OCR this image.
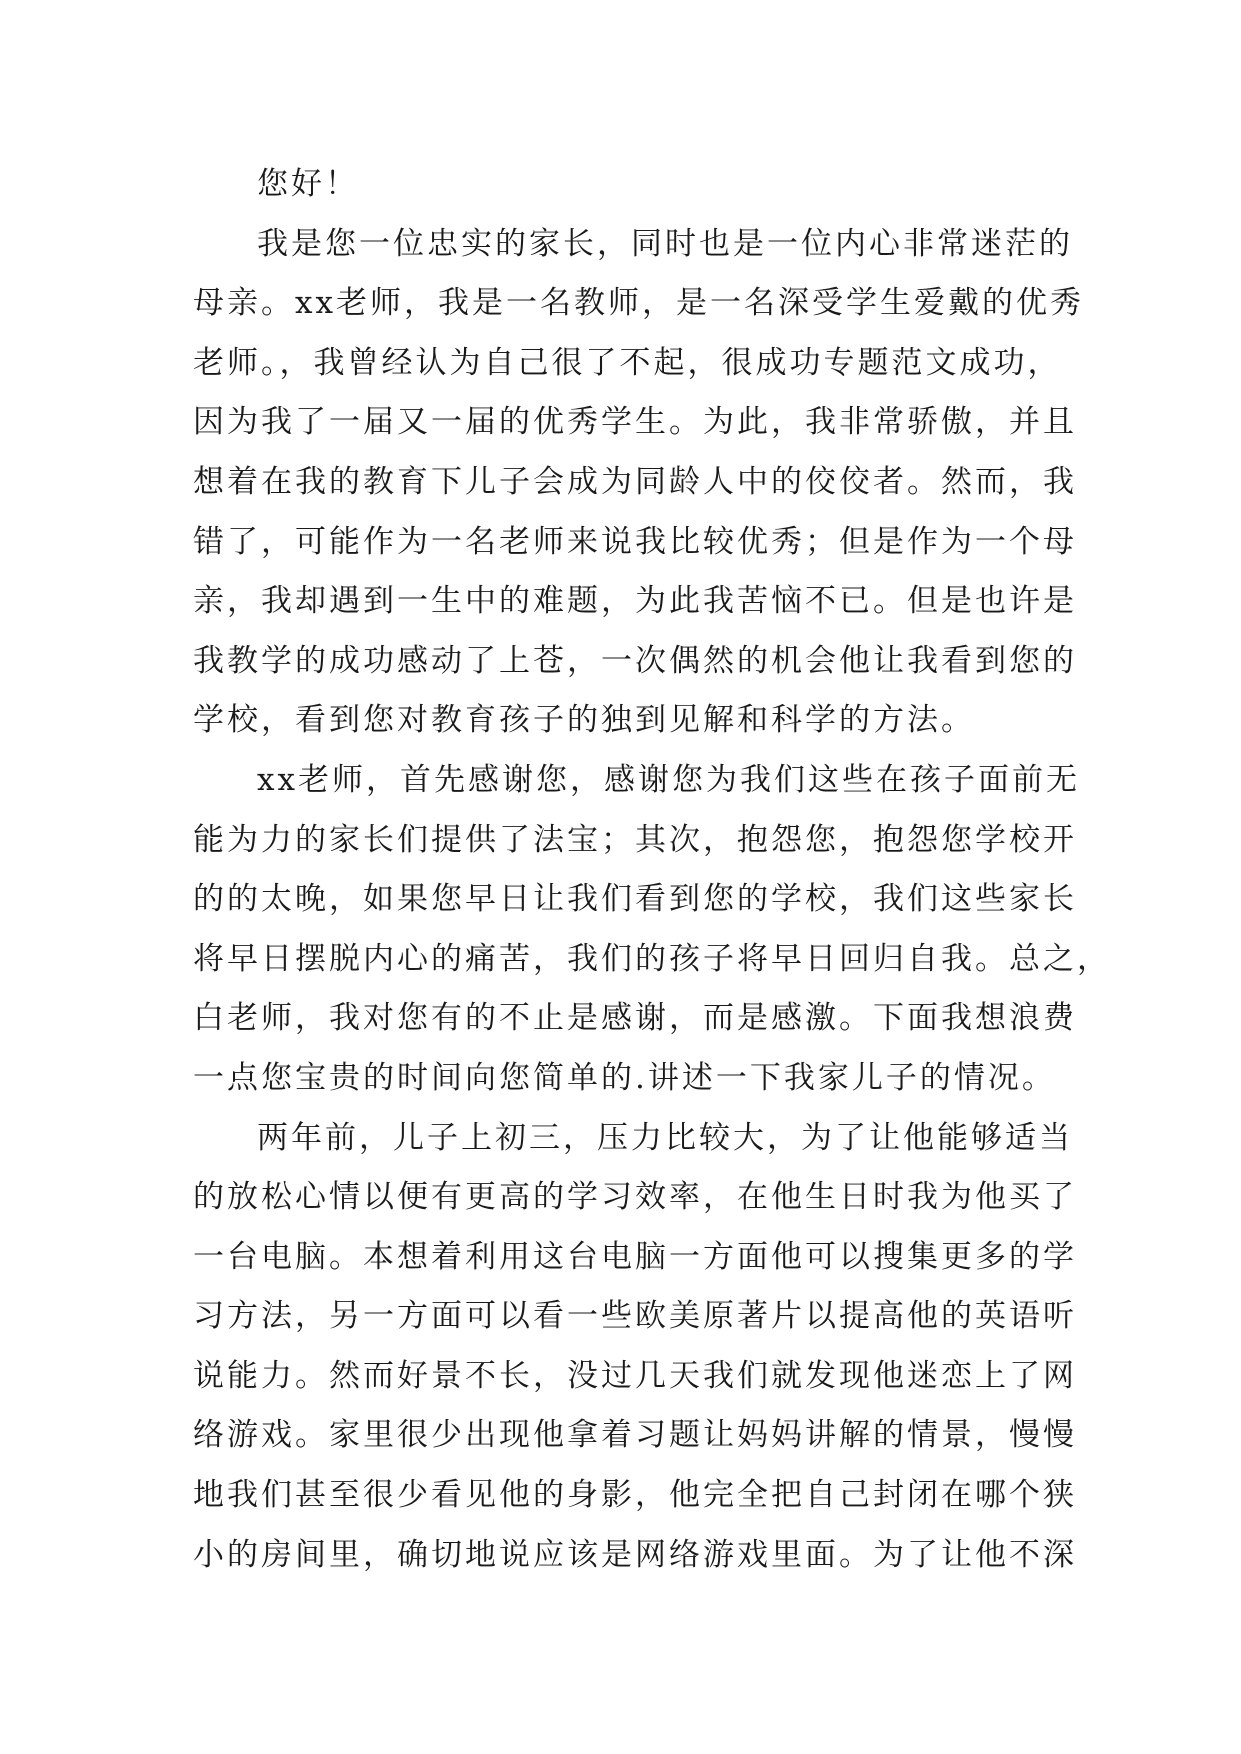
您好！
我是您一位忠实的家长，同时也是一位内心非常迷茫的
母亲。xx老师，我是一名教师，是一名深受学生爱戴的优秀
老师。，我曾经认为自己很了不起，很成功专题范文成功，
因为我了一届又一届的优秀学生。为此，我非常骄傲，并且
想着在我的教育下儿子会成为同龄人中的佼佼者。然而，我
错了，可能作为一名老师来说我比较优秀；但是作为一个母
亲，我却遇到一生中的难题，为此我苦恼不已。但是也许是
我教学的成功感动了上苍，一次偶然的机会他让我看到您的
学校，看到您对教育孩子的独到见解和科学的方法。
xx老师，首先感谢您，感谢您为我们这些在孩子面前无
能为力的家长们提供了法宝；其次，抱怨您，抱怨您学校开
的的太晚，如果您早日让我们看到您的学校，我们这些家长
将早日摆脱内心的痛苦，我们的孩子将早日回归自我。总之，
白老师，我对您有的不止是感谢，而是感激。下面我想浪费
一点您宝贵的时间向您简单的.讲述一下我家儿子的情况。
两年前，儿子上初三，压力比较大，为了让他能够适当
的放松心情以便有更高的学习效率，在他生日时我为他买了
一台电脑。本想着利用这台电脑一方面他可以搜集更多的学
习方法，另一方面可以看一些欧美原著片以提高他的英语听
说能力。然而好景不长，没过几天我们就发现他迷恋上了网
络游戏。家里很少出现他拿着习题让妈妈讲解的情景，慢慢
地我们甚至很少看见他的身影，他完全把自己封闭在哪个狭
小的房间里，确切地说应该是网络游戏里面。为了让他不深
